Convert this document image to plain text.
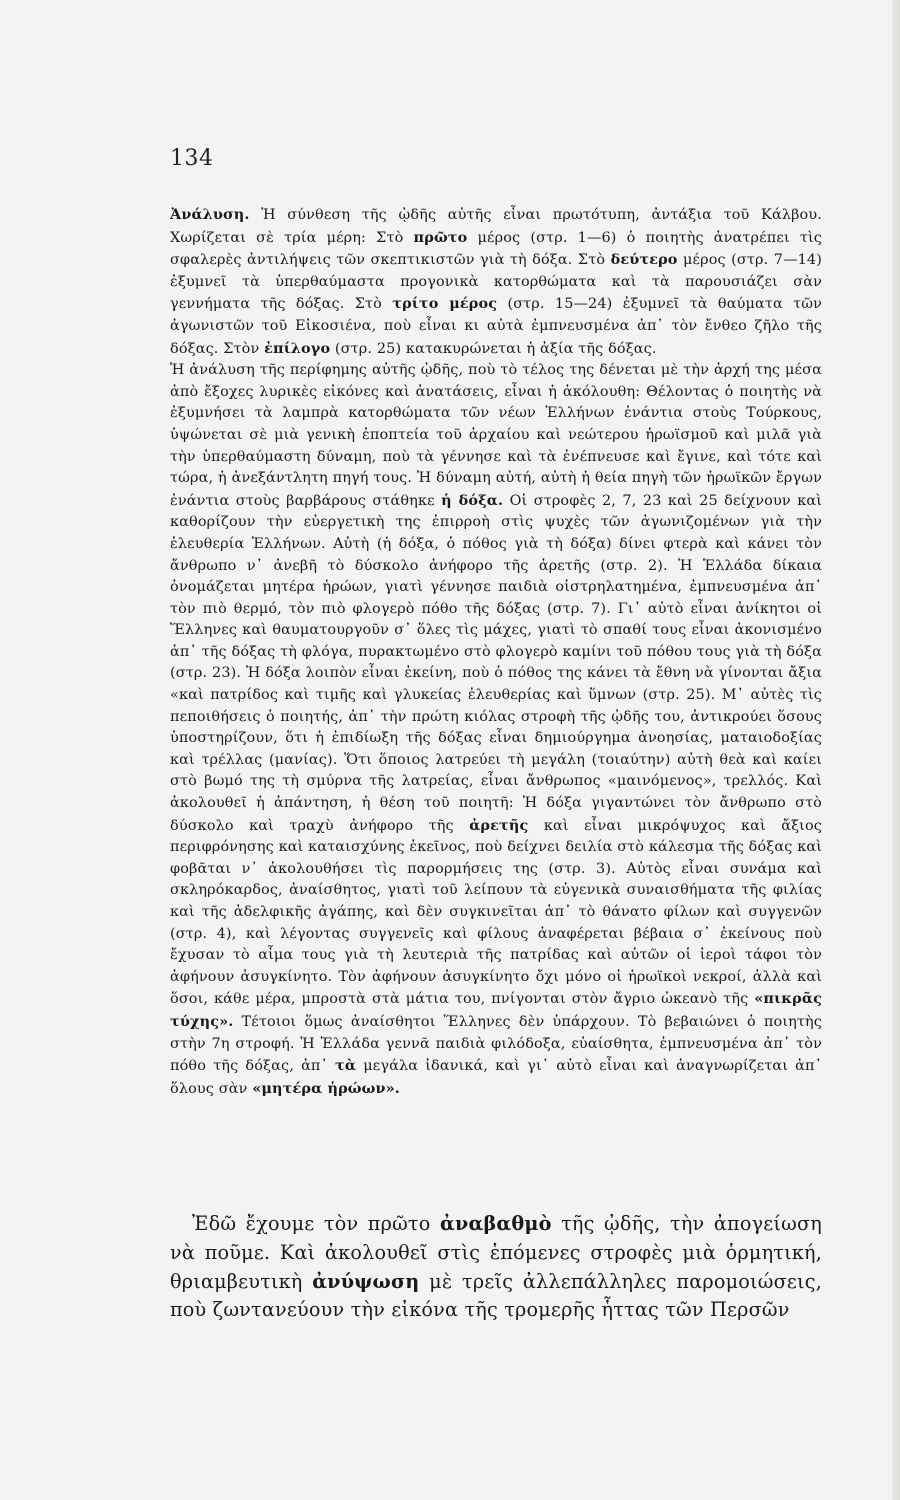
134

Ἀνάλυση. Ἡ σύνθεση τῆς ᾠδῆς αὐτῆς εἶναι πρωτότυπη, ἀντάξια τοῦ Κάλβου. Χωρίζεται σὲ τρία μέρη: Στὸ πρῶτο μέρος (στρ. 1—6) ὁ ποιητὴς ἀνατρέπει τὶς σφαλερὲς ἀντιλήψεις τῶν σκεπτικιστῶν γιὰ τὴ δόξα. Στὸ δεύτερο μέρος (στρ. 7—14) ἐξυμνεῖ τὰ ὑπερθαύμαστα προγονικὰ κατορθώματα καὶ τὰ παρουσιάζει σὰν γεννήματα τῆς δόξας. Στὸ τρίτο μέρος (στρ. 15—24) ἐξυμνεῖ τὰ θαύματα τῶν ἀγωνιστῶν τοῦ Εἰκοσιένα, ποὺ εἶναι κι αὐτὰ ἐμπνευσμένα ἀπ᾿ τὸν ἔνθεο ζῆλο τῆς δόξας. Στὸν ἐπίλογο (στρ. 25) κατακυρώνεται ἡ ἀξία τῆς δόξας.

Ἡ ἀνάλυση τῆς περίφημης αὐτῆς ᾠδῆς, ποὺ τὸ τέλος της δένεται μὲ τὴν ἀρχή της μέσα ἀπὸ ἔξοχες λυρικὲς εἰκόνες καὶ ἀνατάσεις, εἶναι ἡ ἀκόλουθη: Θέλοντας ὁ ποιητὴς νὰ ἐξυμνήσει τὰ λαμπρὰ κατορθώματα τῶν νέων Ἑλλήνων ἐνάντια στοὺς Τούρκους, ὑψώνεται σὲ μιὰ γενικὴ ἐποπτεία τοῦ ἀρχαίου καὶ νεώτερου ἡρωϊσμοῦ καὶ μιλᾶ γιὰ τὴν ὑπερθαύμαστη δύναμη, ποὺ τὰ γέννησε καὶ τὰ ἐνέπνευσε καὶ ἔγινε, καὶ τότε καὶ τώρα, ἡ ἀνεξάντλητη πηγή τους. Ἡ δύναμη αὐτή, αὐτὴ ἡ θεία πηγὴ τῶν ἡρωϊκῶν ἔργων ἐνάντια στοὺς βαρβάρους στάθηκε ἡ δόξα. Οἱ στροφὲς 2, 7, 23 καὶ 25 δείχνουν καὶ καθορίζουν τὴν εὐεργετικὴ της ἐπιρροὴ στὶς ψυχὲς τῶν ἀγωνιζομένων γιὰ τὴν ἐλευθερία Ἑλλήνων. Αὐτὴ (ἡ δόξα, ὁ πόθος γιὰ τὴ δόξα) δίνει φτερὰ καὶ κάνει τὸν ἄνθρωπο ν᾿ ἀνεβῆ τὸ δύσκολο ἀνήφορο τῆς ἀρετῆς (στρ. 2). Ἡ Ἑλλάδα δίκαια ὀνομάζεται μητέρα ἡρώων, γιατὶ γέννησε παιδιὰ οἰστρηλατημένα, ἐμπνευσμένα ἀπ᾿ τὸν πιὸ θερμό, τὸν πιὸ φλογερὸ πόθο τῆς δόξας (στρ. 7). Γι᾿ αὐτὸ εἶναι ἀνίκητοι οἱ Ἕλληνες καὶ θαυματουργοῦν σ᾿ ὅλες τὶς μάχες, γιατὶ τὸ σπαθί τους εἶναι ἀκονισμένο ἀπ᾿ τῆς δόξας τὴ φλόγα, πυρακτωμένο στὸ φλογερὸ καμίνι τοῦ πόθου τους γιὰ τὴ δόξα (στρ. 23). Ἡ δόξα λοιπὸν εἶναι ἐκείνη, ποὺ ὁ πόθος της κάνει τὰ ἔθνη νὰ γίνονται ἄξια «καὶ πατρίδος καὶ τιμῆς καὶ γλυκείας ἐλευθερίας καὶ ὕμνων (στρ. 25). Μ᾿ αὐτὲς τὶς πεποιθήσεις ὁ ποιητής, ἀπ᾿ τὴν πρώτη κιόλας στροφὴ τῆς ᾠδῆς του, ἀντικρούει ὅσους ὑποστηρίζουν, ὅτι ἡ ἐπιδίωξη τῆς δόξας εἶναι δημιούργημα ἀνοησίας, ματαιοδοξίας καὶ τρέλλας (μανίας). Ὅτι ὅποιος λατρεύει τὴ μεγάλη (τοιαύτην) αὐτὴ θεὰ καὶ καίει στὸ βωμό της τὴ σμύρνα τῆς λατρείας, εἶναι ἄνθρωπος «μαινόμενος», τρελλός. Καὶ ἀκολουθεῖ ἡ ἀπάντηση, ἡ θέση τοῦ ποιητῆ: Ἡ δόξα γιγαντώνει τὸν ἄνθρωπο στὸ δύσκολο καὶ τραχὺ ἀνήφορο τῆς ἀρετῆς καὶ εἶναι μικρόψυχος καὶ ἄξιος περιφρόνησης καὶ καταισχύνης ἐκεῖνος, ποὺ δείχνει δειλία στὸ κάλεσμα τῆς δόξας καὶ φοβᾶται ν᾿ ἀκολουθήσει τὶς παρορμήσεις της (στρ. 3). Αὐτὸς εἶναι συνάμα καὶ σκληρόκαρδος, ἀναίσθητος, γιατὶ τοῦ λείπουν τὰ εὐγενικὰ συναισθήματα τῆς φιλίας καὶ τῆς ἀδελφικῆς ἀγάπης, καὶ δὲν συγκινεῖται ἀπ᾿ τὸ θάνατο φίλων καὶ συγγενῶν (στρ. 4), καὶ λέγοντας συγγενεῖς καὶ φίλους ἀναφέρεται βέβαια σ᾿ ἐκείνους ποὺ ἔχυσαν τὸ αἷμα τους γιὰ τὴ λευτεριὰ τῆς πατρίδας καὶ αὐτῶν οἱ ἱεροὶ τάφοι τὸν ἀφήνουν ἀσυγκίνητο. Τὸν ἀφήνουν ἀσυγκίνητο ὄχι μόνο οἱ ἡρωϊκοὶ νεκροί, ἀλλὰ καὶ ὅσοι, κάθε μέρα, μπροστὰ στὰ μάτια του, πνίγονται στὸν ἄγριο ὠκεανὸ τῆς «πικρᾶς τύχης». Τέτοιοι ὅμως ἀναίσθητοι Ἕλληνες δὲν ὑπάρχουν. Τὸ βεβαιώνει ὁ ποιητὴς στὴν 7η στροφή. Ἡ Ἑλλάδα γεννᾶ παιδιὰ φιλόδοξα, εὐαίσθητα, ἐμπνευσμένα ἀπ᾿ τὸν πόθο τῆς δόξας, ἀπ᾿ τὰ μεγάλα ἰδανικά, καὶ γι᾿ αὐτὸ εἶναι καὶ ἀναγνωρίζεται ἀπ᾿ ὅλους σὰν «μητέρα ἡρώων».

Ἐδῶ ἔχουμε τὸν πρῶτο ἀναβαθμὸ τῆς ᾠδῆς, τὴν ἀπογείωση νὰ ποῦμε. Καὶ ἀκολουθεῖ στὶς ἑπόμενες στροφὲς μιὰ ὁρμητική, θριαμβευτικὴ ἀνύψωση μὲ τρεῖς ἀλλεπάλληλες παρομοιώσεις, ποὺ ζωντανεύουν τὴν εἰκόνα τῆς τρομερῆς ἧττας τῶν Περσῶν
